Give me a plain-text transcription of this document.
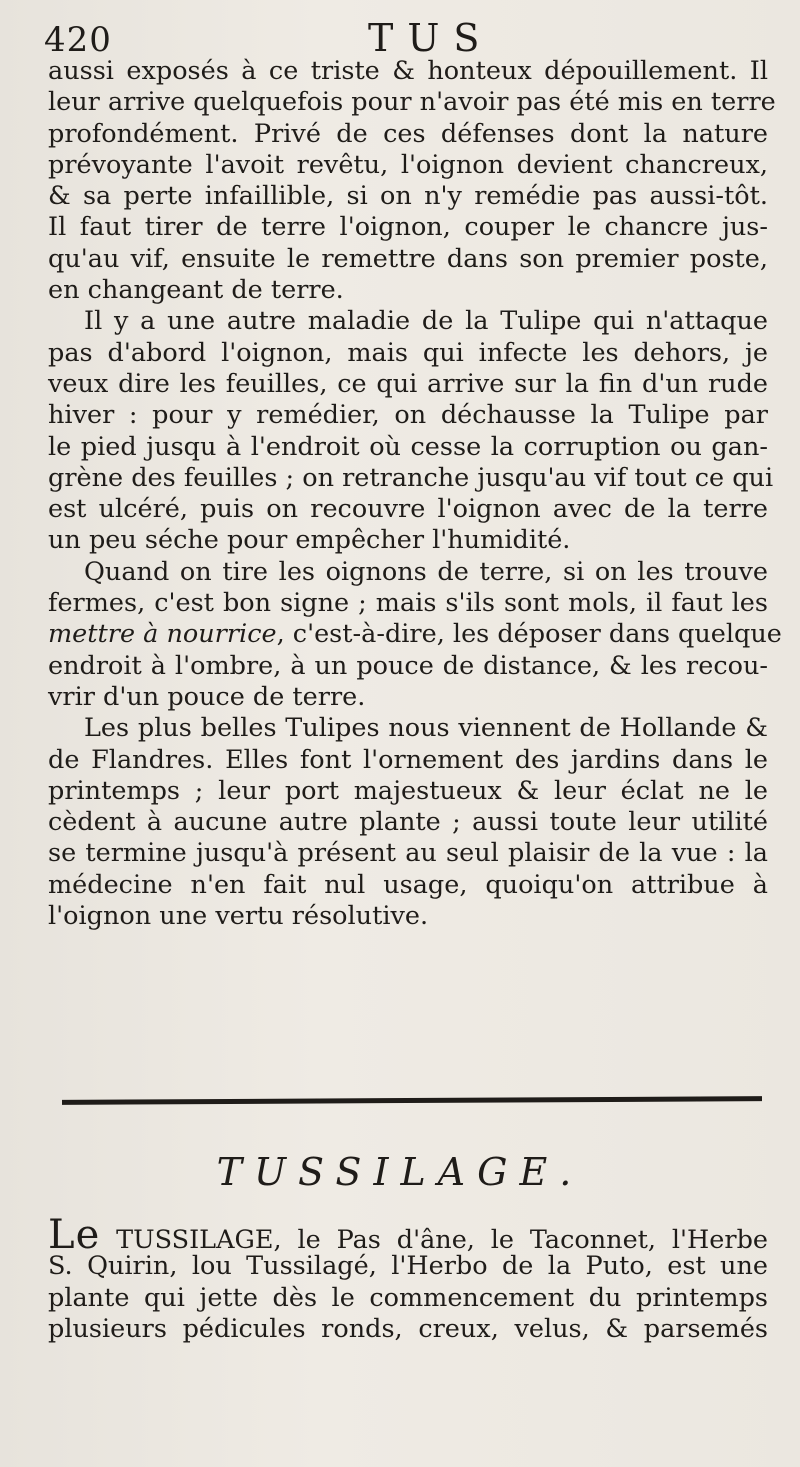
420	TUS
aussi exposés à ce triste & honteux dépouillement. Il
leur arrive quelquefois pour n'avoir pas été mis en terre
profondément. Privé de ces défenses dont la nature
prévoyante l'avoit revêtu, l'oignon devient chancreux,
& sa perte infaillible, si on n'y remédie pas aussi-tôt.
Il faut tirer de terre l'oignon, couper le chancre jus-
qu'au vif, ensuite le remettre dans son premier poste,
en changeant de terre.
Il y a une autre maladie de la Tulipe qui n'attaque
pas d'abord l'oignon, mais qui infecte les dehors, je
veux dire les feuilles, ce qui arrive sur la fin d'un rude
hiver : pour y remédier, on déchausse la Tulipe par
le pied jusqu à l'endroit où cesse la corruption ou gan-
grène des feuilles ; on retranche jusqu'au vif tout ce qui
est ulcéré, puis on recouvre l'oignon avec de la terre
un peu séche pour empêcher l'humidité.
Quand on tire les oignons de terre, si on les trouve
fermes, c'est bon signe ; mais s'ils sont mols, il faut les
mettre à nourrice, c'est-à-dire, les déposer dans quelque
endroit à l'ombre, à un pouce de distance, & les recou-
vrir d'un pouce de terre.
Les plus belles Tulipes nous viennent de Hollande &
de Flandres. Elles font l'ornement des jardins dans le
printemps ; leur port majestueux & leur éclat ne le
cèdent à aucune autre plante ; aussi toute leur utilité
se termine jusqu'à présent au seul plaisir de la vue : la
médecine n'en fait nul usage, quoiqu'on attribue à
l'oignon une vertu résolutive.
TUSSILAGE.
Le TUSSILAGE, le Pas d'âne, le Taconnet, l'Herbe
S. Quirin, lou Tussilagé, l'Herbo de la Puto, est une
plante qui jette dès le commencement du printemps
plusieurs pédicules ronds, creux, velus, & parsemés
